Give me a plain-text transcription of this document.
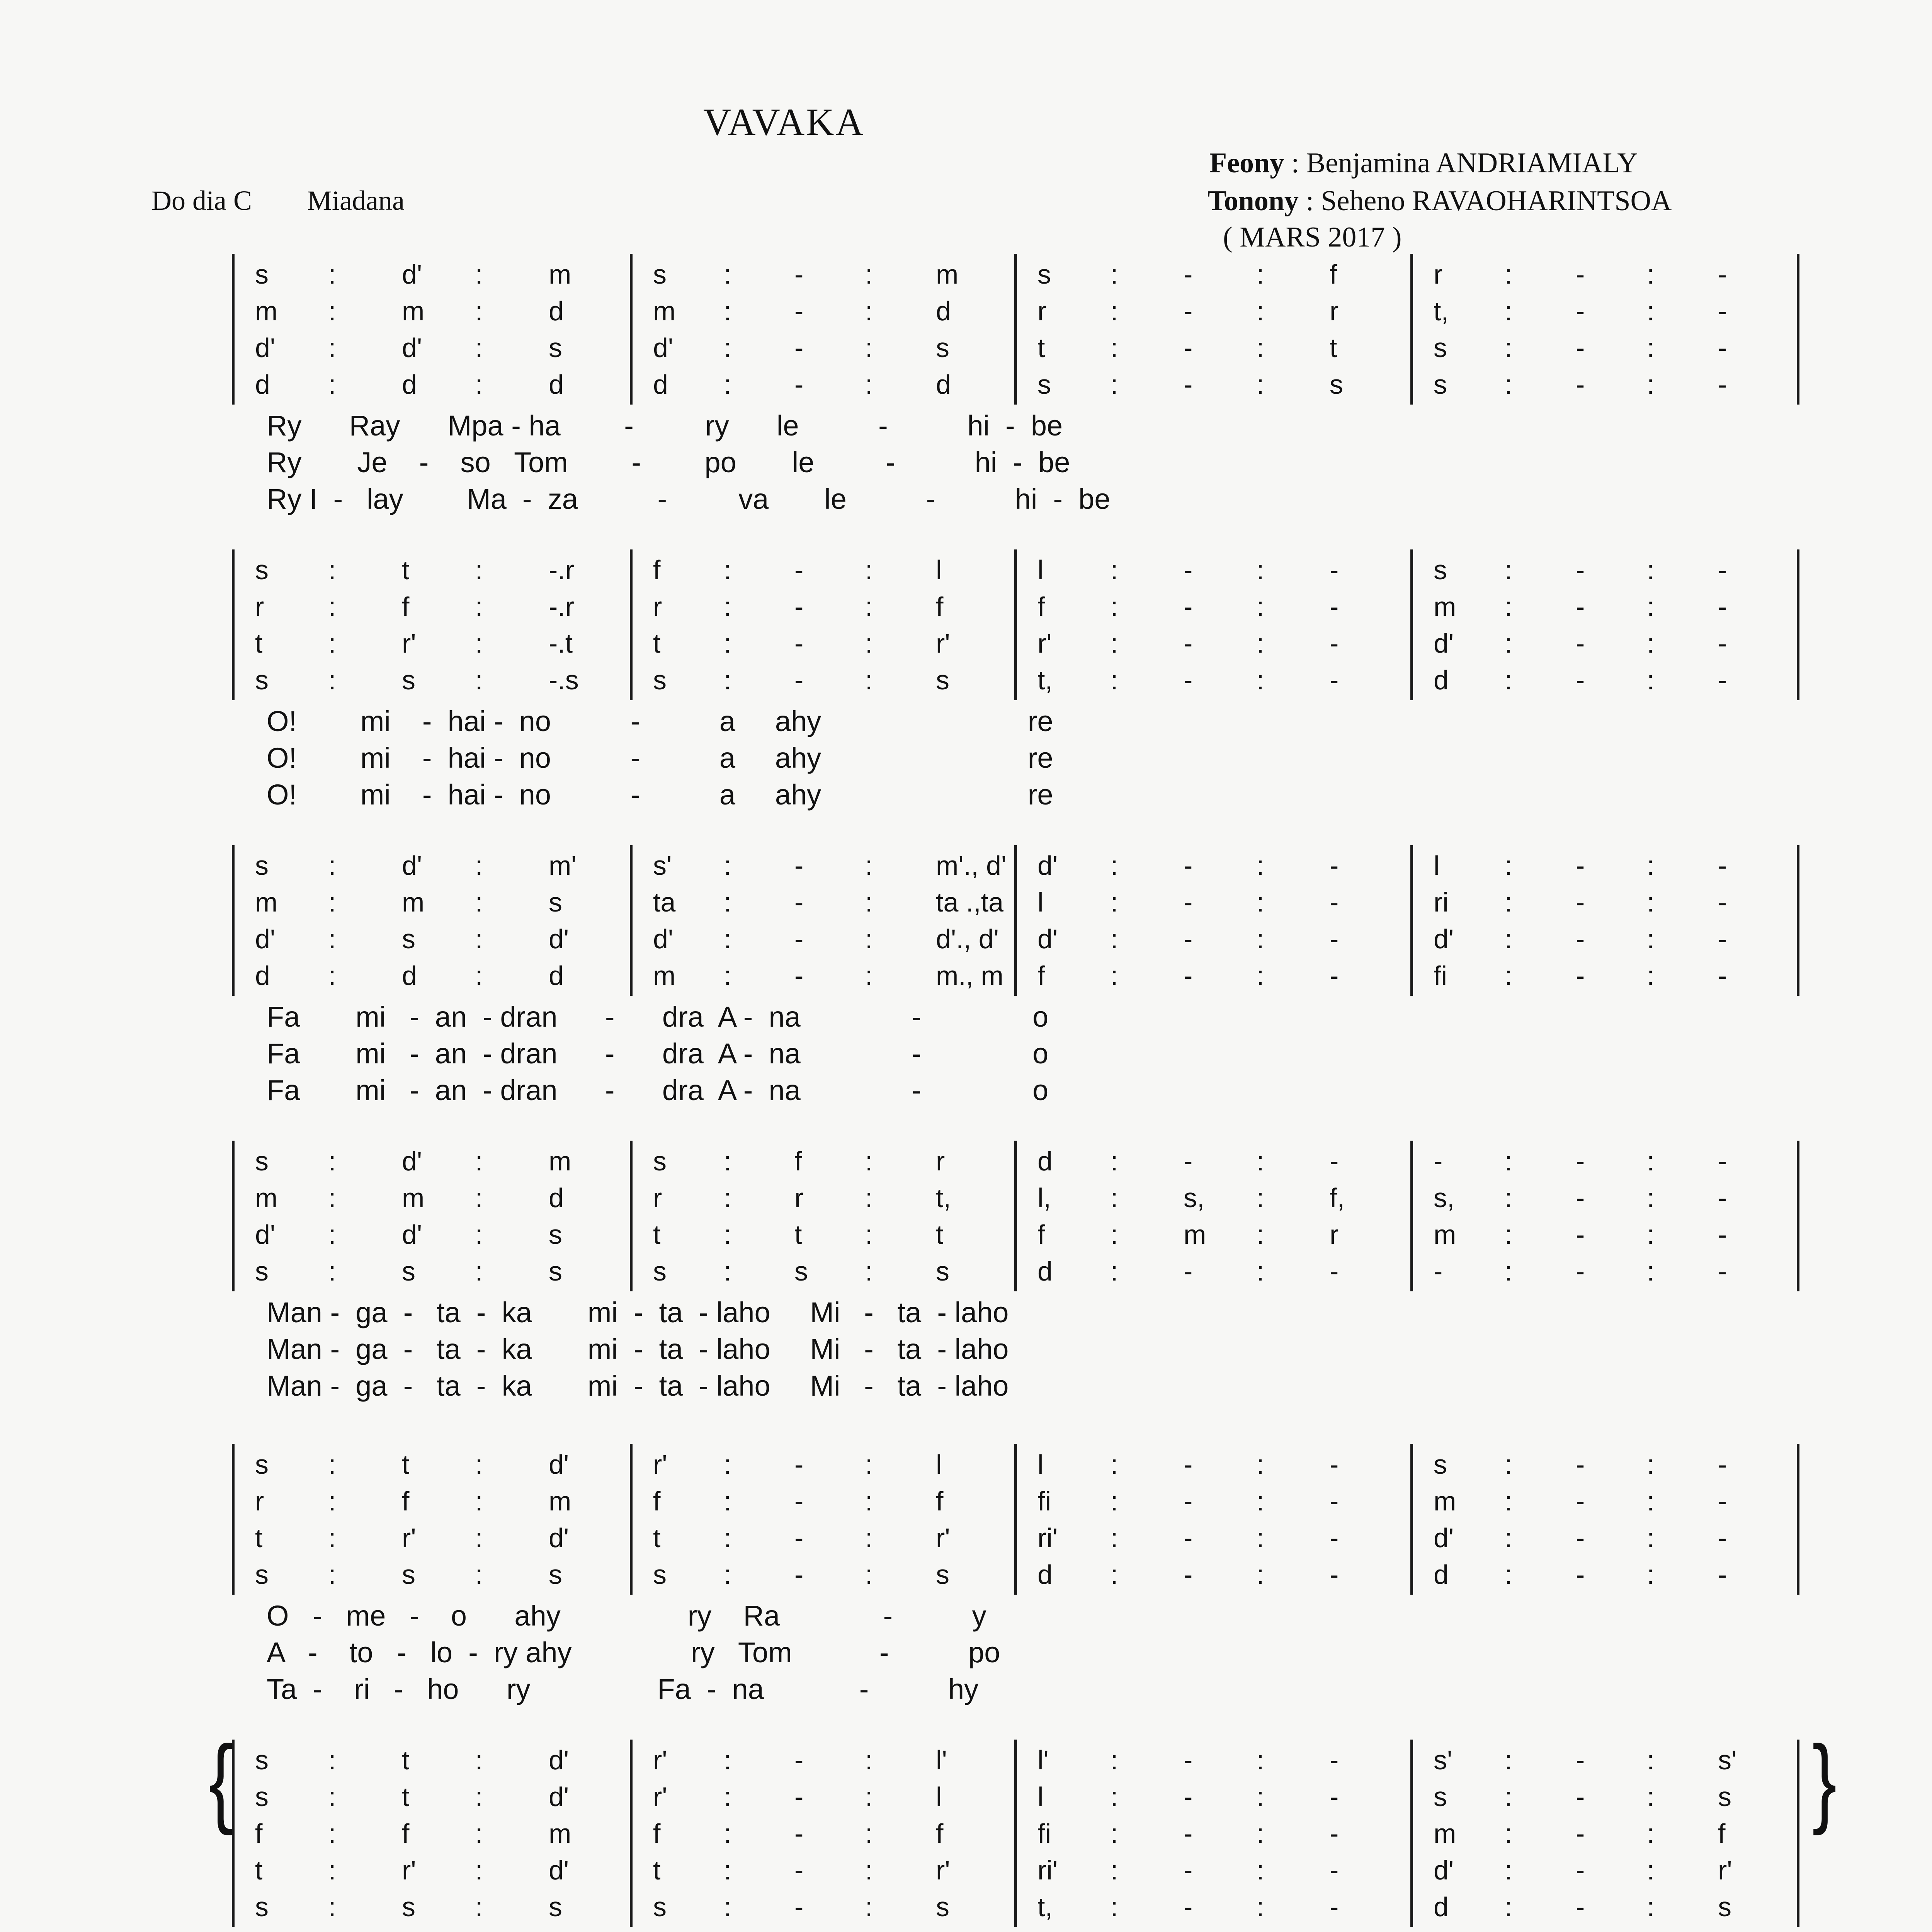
VAVAKA
Do dia C Miadana
Feony : Benjamina ANDRIAMIALY
Tonony : Seheno RAVAOHARINTSOA
( MARS 2017 )
s : d' : m
m : m : d
d' : d' : s
d : d : d
s : - : m
m : - : d
d' : - : s
d : - : d
s : - : f
r : - : r
t : - : t
s : - : s
r : - : -
t, : - : -
s : - : -
s : - : -
Ry      Ray      Mpa - ha        -         ry      le          -          hi  -  be
Ry       Je    -    so   Tom        -        po       le         -          hi  -  be
Ry I  -   lay        Ma  -  za          -         va       le          -          hi  -  be
s : t : -.r
r : f : -.r
t : r' : -.t
s : s : -.s
f : - : l
r : - : f
t : - : r'
s : - : s
l : - : -
f : - : -
r' : - : -
t, : - : -
s : - : -
m : - : -
d' : - : -
d : - : -
O!        mi    -  hai -  no          -          a     ahy                          re
O!        mi    -  hai -  no          -          a     ahy                          re
O!        mi    -  hai -  no          -          a     ahy                          re
s : d' : m'
m : m : s
d' : s : d'
d : d : d
s' : - : m'., d'
ta : - : ta .,ta
d' : - : d'., d'
m : - : m., m
d' : - : -
l : - : -
d' : - : -
f : - : -
l : - : -
ri : - : -
d' : - : -
fi : - : -
Fa       mi   -  an  - dran      -      dra  A -  na              -              o
Fa       mi   -  an  - dran      -      dra  A -  na              -              o
Fa       mi   -  an  - dran      -      dra  A -  na              -              o
s : d' : m
m : m : d
d' : d' : s
s : s : s
s : f : r
r : r : t,
t : t : t
s : s : s
d : - : -
l, : s, : f,
f : m : r
d : - : -
- : - : -
s, : - : -
m : - : -
- : - : -
Man -  ga  -   ta  -  ka       mi  -  ta  - laho     Mi   -   ta  - laho
Man -  ga  -   ta  -  ka       mi  -  ta  - laho     Mi   -   ta  - laho
Man -  ga  -   ta  -  ka       mi  -  ta  - laho     Mi   -   ta  - laho
s : t : d'
r : f : m
t : r' : d'
s : s : s
r' : - : l
f : - : f
t : - : r'
s : - : s
l : - : -
fi : - : -
ri' : - : -
d : - : -
s : - : -
m : - : -
d' : - : -
d : - : -
O   -   me   -    o      ahy                ry    Ra             -          y
A   -    to   -   lo  -  ry ahy               ry   Tom           -          po
Ta  -    ri   -   ho      ry                Fa  -  na            -          hy
{	}
s : t : d'
s : t : d'
f : f : m
t : r' : d'
s : s : s
r' : - : l'
r' : - : l
f : - : f
t : - : r'
s : - : s
l' : - : -
l : - : -
fi : - : -
ri' : - : -
t, : - : -
s' : - : s'
s : - : s
m : - : f
d' : - : r'
d : - : s
